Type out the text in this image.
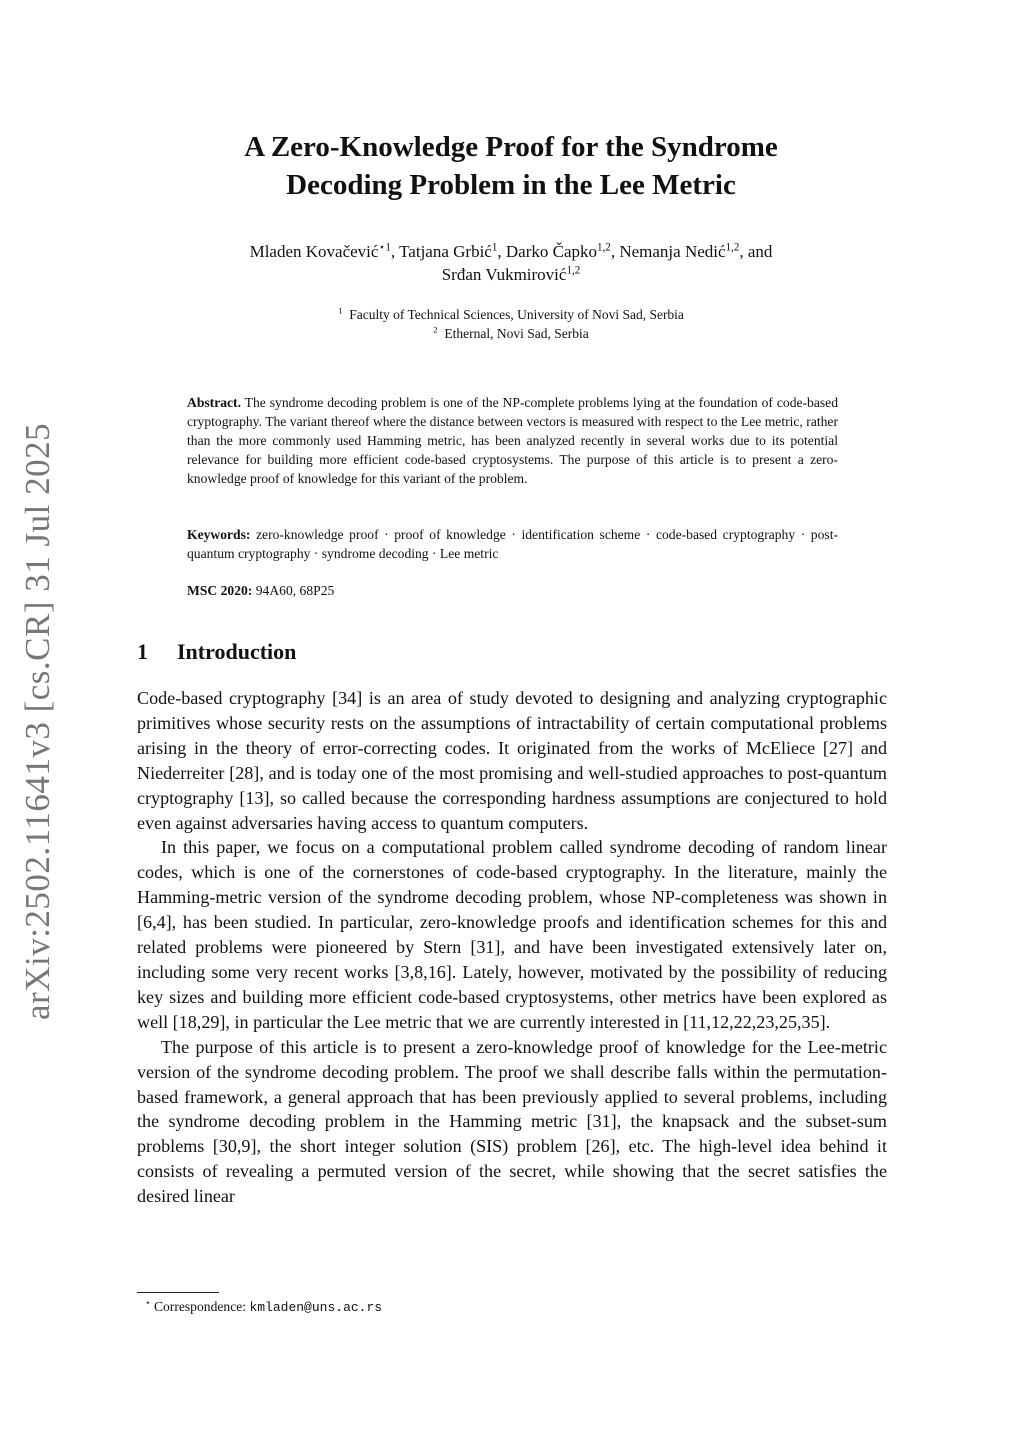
arXiv:2502.11641v3 [cs.CR] 31 Jul 2025
A Zero-Knowledge Proof for the Syndrome
Decoding Problem in the Lee Metric
Mladen Kovačević$^{⋆1}$, Tatjana Grbić$^1$, Darko Čapko$^{1,2}$, Nemanja Nedić$^{1,2}$, and
Srđan Vukmirović$^{1,2}$
$^1$ Faculty of Technical Sciences, University of Novi Sad, Serbia
$^2$ Ethernal, Novi Sad, Serbia
Abstract. The syndrome decoding problem is one of the NP-complete problems lying at the foundation of code-based cryptography. The variant thereof where the distance between vectors is measured with respect to the Lee metric, rather than the more commonly used Hamming metric, has been analyzed recently in several works due to its potential relevance for building more efficient code-based cryptosystems. The purpose of this article is to present a zero-knowledge proof of knowledge for this variant of the problem.
Keywords: zero-knowledge proof · proof of knowledge · identification scheme · code-based cryptography · post-quantum cryptography · syndrome decoding · Lee metric
MSC 2020: 94A60, 68P25
1 Introduction

Code-based cryptography [34] is an area of study devoted to designing and analyzing cryptographic primitives whose security rests on the assumptions of intractability of certain computational problems arising in the theory of error-correcting codes. It originated from the works of McEliece [27] and Niederreiter [28], and is today one of the most promising and well-studied approaches to post-quantum cryptography [13], so called because the corresponding hardness assumptions are conjectured to hold even against adversaries having access to quantum computers.

In this paper, we focus on a computational problem called syndrome decoding of random linear codes, which is one of the cornerstones of code-based cryptography. In the literature, mainly the Hamming-metric version of the syndrome decoding problem, whose NP-completeness was shown in [6,4], has been studied. In particular, zero-knowledge proofs and identification schemes for this and related problems were pioneered by Stern [31], and have been investigated extensively later on, including some very recent works [3,8,16]. Lately, however, motivated by the possibility of reducing key sizes and building more efficient code-based cryptosystems, other metrics have been explored as well [18,29], in particular the Lee metric that we are currently interested in [11,12,22,23,25,35].

The purpose of this article is to present a zero-knowledge proof of knowledge for the Lee-metric version of the syndrome decoding problem. The proof we shall describe falls within the permutation-based framework, a general approach that has been previously applied to several problems, including the syndrome decoding problem in the Hamming metric [31], the knapsack and the subset-sum problems [30,9], the short integer solution (SIS) problem [26], etc. The high-level idea behind it consists of revealing a permuted version of the secret, while showing that the secret satisfies the desired linear

⋆ Correspondence: kmladen@uns.ac.rs
